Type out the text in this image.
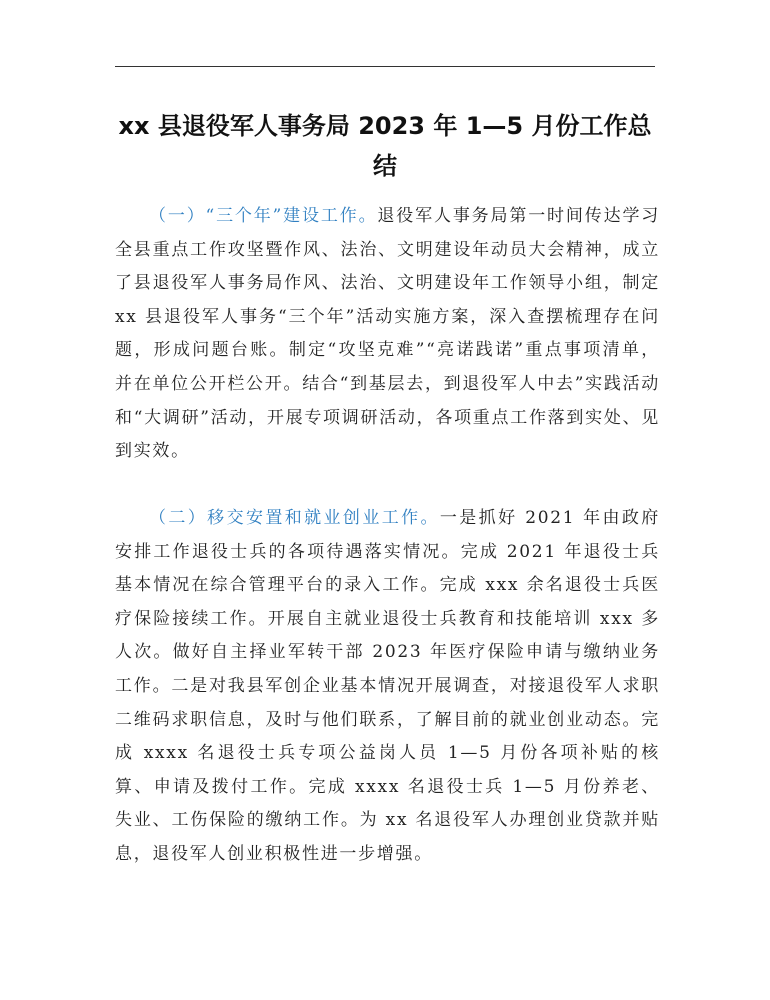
xx 县退役军人事务局 2023 年 1—5 月份工作总结

（一）“三个年”建设工作。退役军人事务局第一时间传达学习全县重点工作攻坚暨作风、法治、文明建设年动员大会精神，成立了县退役军人事务局作风、法治、文明建设年工作领导小组，制定 xx 县退役军人事务“三个年”活动实施方案，深入查摆梳理存在问题，形成问题台账。制定“攻坚克难”“亮诺践诺”重点事项清单，并在单位公开栏公开。结合“到基层去，到退役军人中去”实践活动和“大调研”活动，开展专项调研活动，各项重点工作落到实处、见到实效。

（二）移交安置和就业创业工作。一是抓好 2021 年由政府安排工作退役士兵的各项待遇落实情况。完成 2021 年退役士兵基本情况在综合管理平台的录入工作。完成 xxx 余名退役士兵医疗保险接续工作。开展自主就业退役士兵教育和技能培训 xxx 多人次。做好自主择业军转干部 2023 年医疗保险申请与缴纳业务工作。二是对我县军创企业基本情况开展调查，对接退役军人求职二维码求职信息，及时与他们联系，了解目前的就业创业动态。完成 xxxx 名退役士兵专项公益岗人员 1—5 月份各项补贴的核算、申请及拨付工作。完成 xxxx 名退役士兵 1—5 月份养老、失业、工伤保险的缴纳工作。为 xx 名退役军人办理创业贷款并贴息，退役军人创业积极性进一步增强。
